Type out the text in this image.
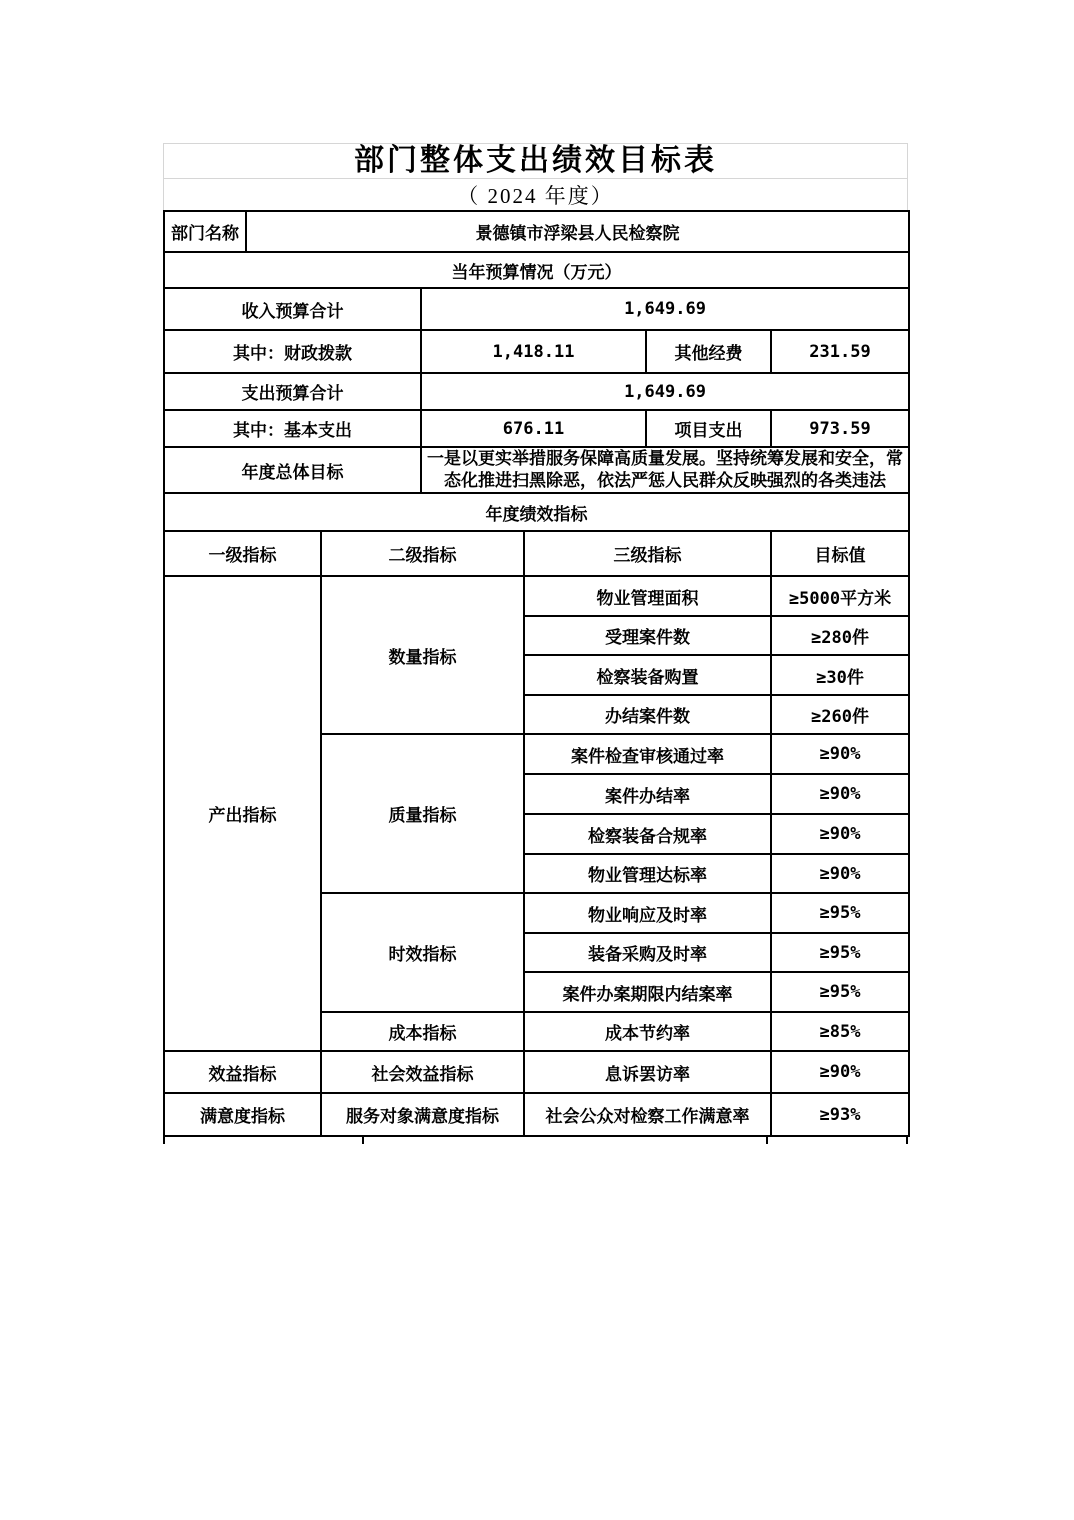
部门整体支出绩效目标表
（ 2024 年度）
部门名称	景德镇市浮梁县人民检察院					
当年预算情况（万元）						
收入预算合计			1,649.69			
其中：财政拨款			1,418.11		其他经费	231.59
支出预算合计			1,649.69			
其中：基本支出			676.11		项目支出	973.59
年度总体目标			一是以更实举措服务保障高质量发展。坚持统筹发展和安全，常态化推进扫黑除恶，依法严惩人民群众反映强烈的各类违法			
年度绩效指标						
一级指标		二级指标		三级指标		目标值
产出指标		数量指标		物业管理面积		≥5000平方米
				受理案件数		≥280件
				检察装备购置		≥30件
				办结案件数		≥260件
		质量指标		案件检查审核通过率		≥90%
				案件办结率		≥90%
				检察装备合规率		≥90%
				物业管理达标率		≥90%
		时效指标		物业响应及时率		≥95%
				装备采购及时率		≥95%
				案件办案期限内结案率		≥95%
		成本指标		成本节约率		≥85%
效益指标		社会效益指标		息诉罢访率		≥90%
满意度指标		服务对象满意度指标		社会公众对检察工作满意率		≥93%
